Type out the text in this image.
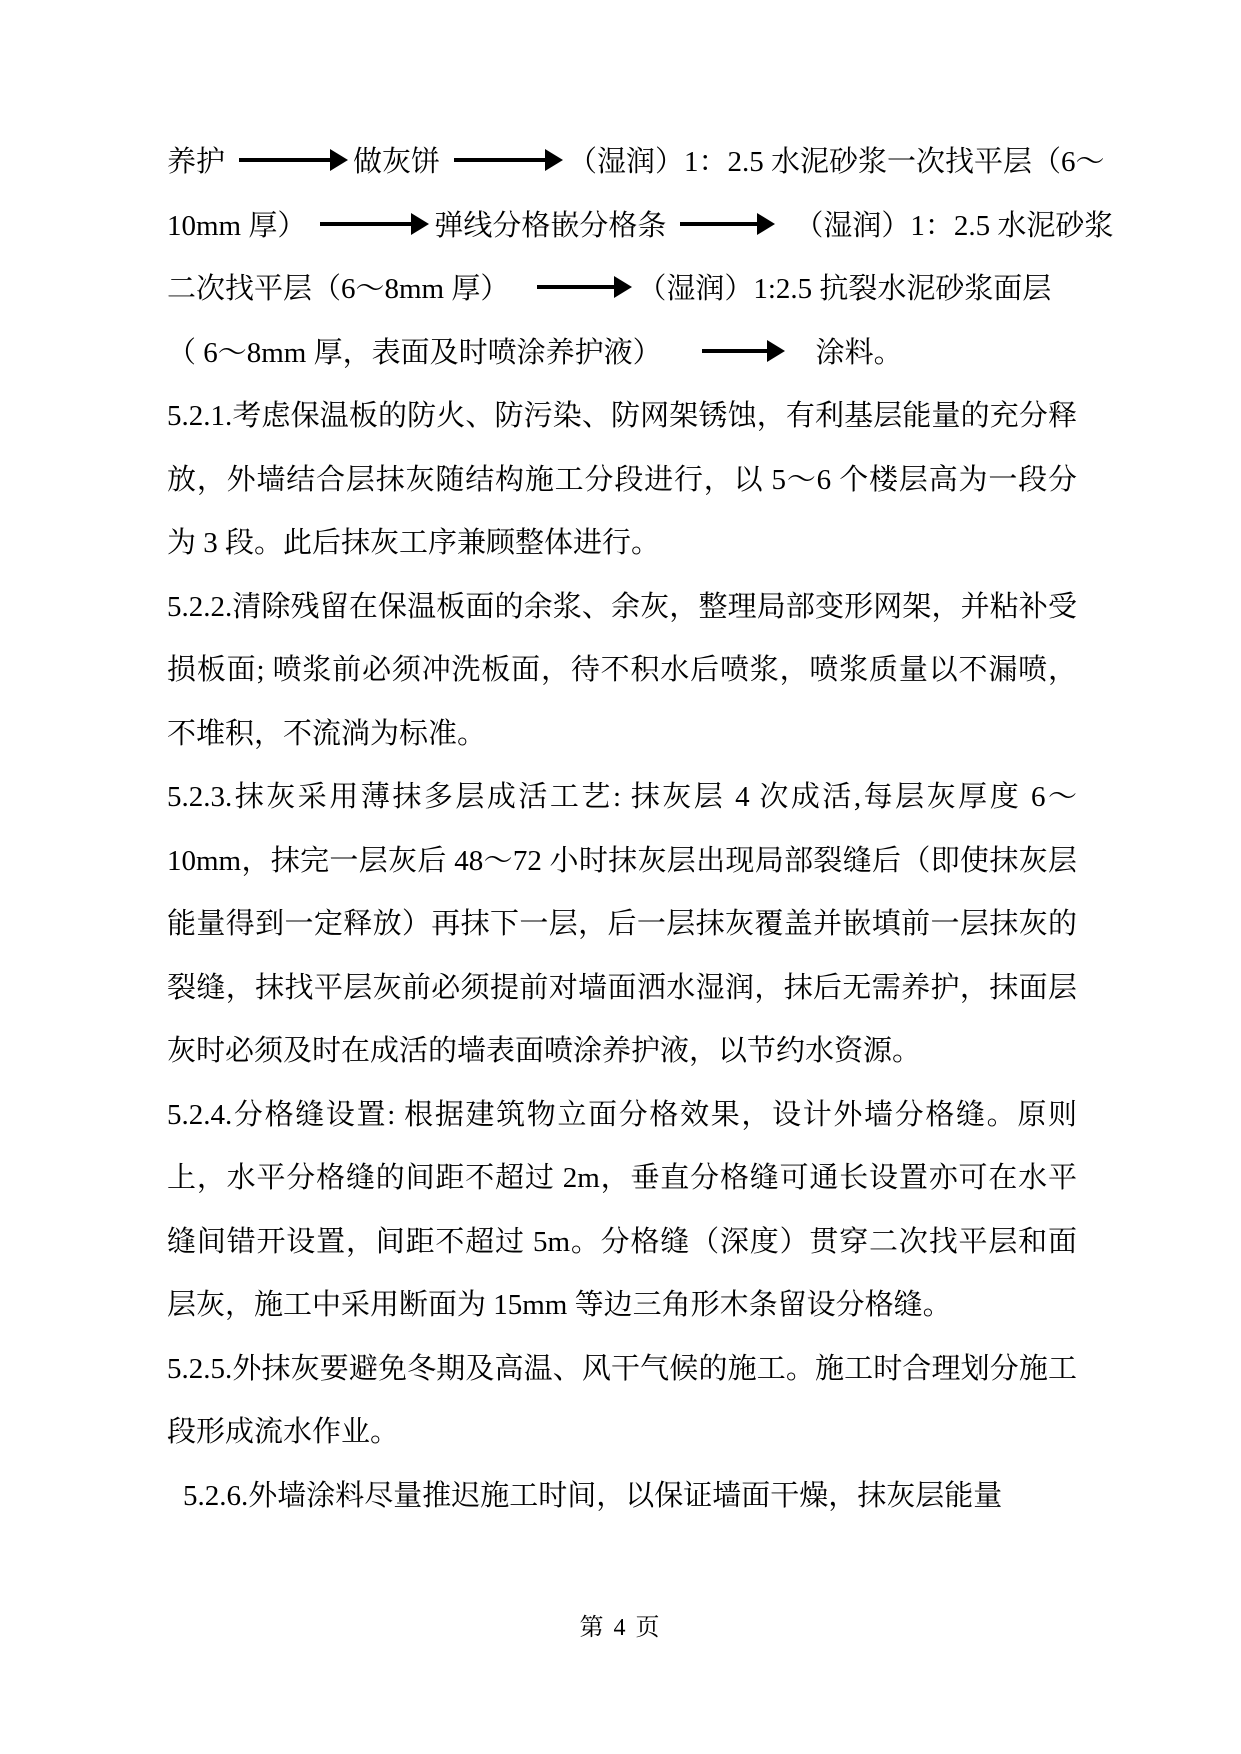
养护	做灰饼	（湿润）1：2.5 水泥砂浆一次找平层（6～
10mm 厚）	弹线分格嵌分格条	（湿润）1：2.5 水泥砂浆
二次找平层（6～8mm 厚）	（湿润）1:2.5 抗裂水泥砂浆面层
（ 6～8mm 厚，表面及时喷涂养护液）	涂料。

5.2.1.考虑保温板的防火、防污染、防网架锈蚀，有利基层能量的充分释放，外墙结合层抹灰随结构施工分段进行，以 5～6 个楼层高为一段分为 3 段。此后抹灰工序兼顾整体进行。

5.2.2.清除残留在保温板面的余浆、余灰，整理局部变形网架，并粘补受损板面; 喷浆前必须冲洗板面，待不积水后喷浆，喷浆质量以不漏喷，不堆积，不流淌为标准。

5.2.3.抹灰采用薄抹多层成活工艺: 抹灰层 4 次成活,每层灰厚度 6～10mm，抹完一层灰后 48～72 小时抹灰层出现局部裂缝后（即使抹灰层能量得到一定释放）再抹下一层，后一层抹灰覆盖并嵌填前一层抹灰的裂缝，抹找平层灰前必须提前对墙面洒水湿润，抹后无需养护，抹面层灰时必须及时在成活的墙表面喷涂养护液，以节约水资源。

5.2.4.分格缝设置: 根据建筑物立面分格效果，设计外墙分格缝。原则上，水平分格缝的间距不超过 2m，垂直分格缝可通长设置亦可在水平缝间错开设置，间距不超过 5m。分格缝（深度）贯穿二次找平层和面层灰，施工中采用断面为 15mm 等边三角形木条留设分格缝。

5.2.5.外抹灰要避免冬期及高温、风干气候的施工。施工时合理划分施工段形成流水作业。

5.2.6.外墙涂料尽量推迟施工时间，以保证墙面干燥，抹灰层能量

第 4 页
